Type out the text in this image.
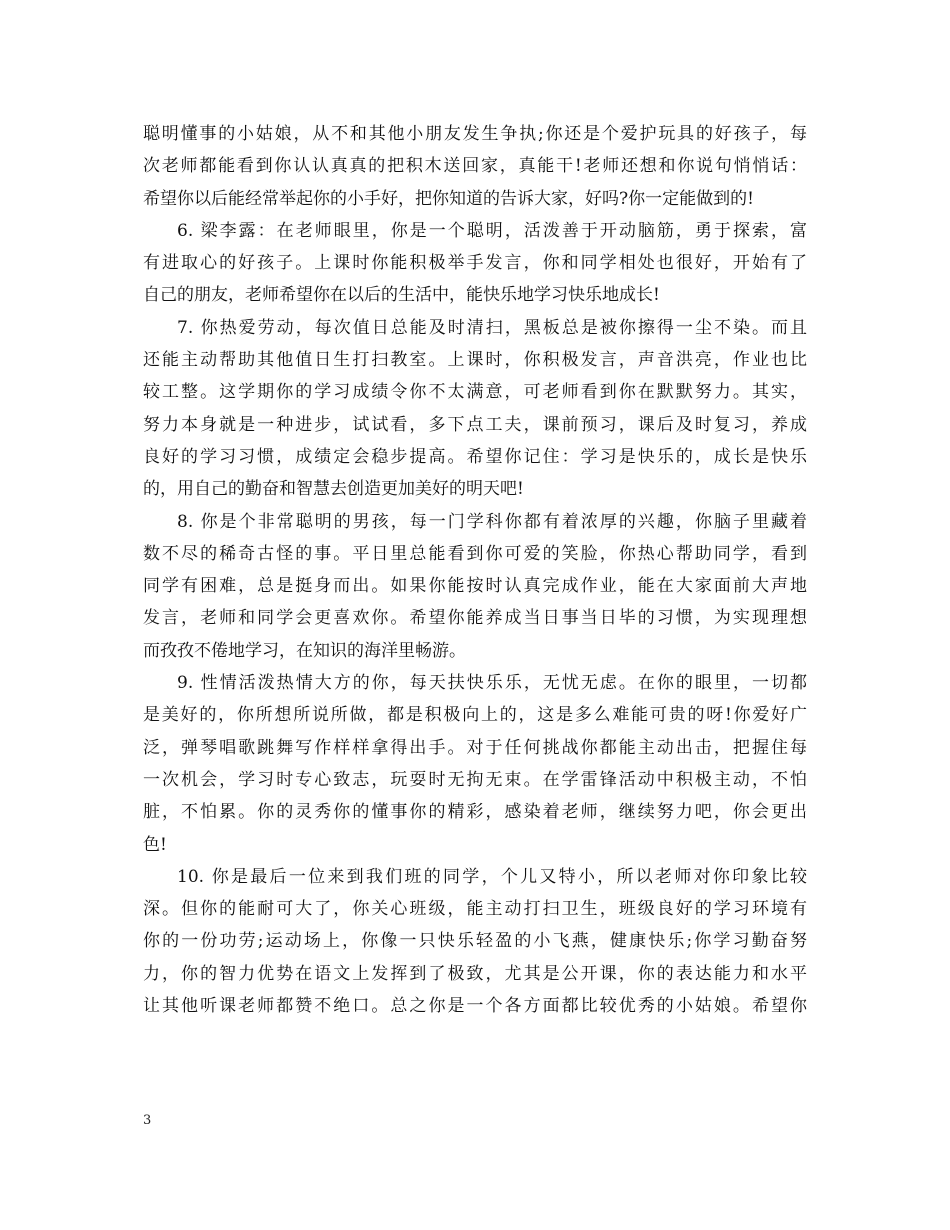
聪明懂事的小姑娘，从不和其他小朋友发生争执;你还是个爱护玩具的好孩子，每
次老师都能看到你认认真真的把积木送回家，真能干!老师还想和你说句悄悄话：
希望你以后能经常举起你的小手好，把你知道的告诉大家，好吗?你一定能做到的!
6. 梁李露：在老师眼里，你是一个聪明，活泼善于开动脑筋，勇于探索，富
有进取心的好孩子。上课时你能积极举手发言，你和同学相处也很好，开始有了
自己的朋友，老师希望你在以后的生活中，能快乐地学习快乐地成长!
7. 你热爱劳动，每次值日总能及时清扫，黑板总是被你擦得一尘不染。而且
还能主动帮助其他值日生打扫教室。上课时，你积极发言，声音洪亮，作业也比
较工整。这学期你的学习成绩令你不太满意，可老师看到你在默默努力。其实，
努力本身就是一种进步，试试看，多下点工夫，课前预习，课后及时复习，养成
良好的学习习惯，成绩定会稳步提高。希望你记住：学习是快乐的，成长是快乐
的，用自己的勤奋和智慧去创造更加美好的明天吧!
8. 你是个非常聪明的男孩，每一门学科你都有着浓厚的兴趣，你脑子里藏着
数不尽的稀奇古怪的事。平日里总能看到你可爱的笑脸，你热心帮助同学，看到
同学有困难，总是挺身而出。如果你能按时认真完成作业，能在大家面前大声地
发言，老师和同学会更喜欢你。希望你能养成当日事当日毕的习惯，为实现理想
而孜孜不倦地学习，在知识的海洋里畅游。
9. 性情活泼热情大方的你，每天扶快乐乐，无忧无虑。在你的眼里，一切都
是美好的，你所想所说所做，都是积极向上的，这是多么难能可贵的呀!你爱好广
泛，弹琴唱歌跳舞写作样样拿得出手。对于任何挑战你都能主动出击，把握住每
一次机会，学习时专心致志，玩耍时无拘无束。在学雷锋活动中积极主动，不怕
脏，不怕累。你的灵秀你的懂事你的精彩，感染着老师，继续努力吧，你会更出
色!
10. 你是最后一位来到我们班的同学，个儿又特小，所以老师对你印象比较
深。但你的能耐可大了，你关心班级，能主动打扫卫生，班级良好的学习环境有
你的一份功劳;运动场上，你像一只快乐轻盈的小飞燕，健康快乐;你学习勤奋努
力，你的智力优势在语文上发挥到了极致，尤其是公开课，你的表达能力和水平
让其他听课老师都赞不绝口。总之你是一个各方面都比较优秀的小姑娘。希望你
3
